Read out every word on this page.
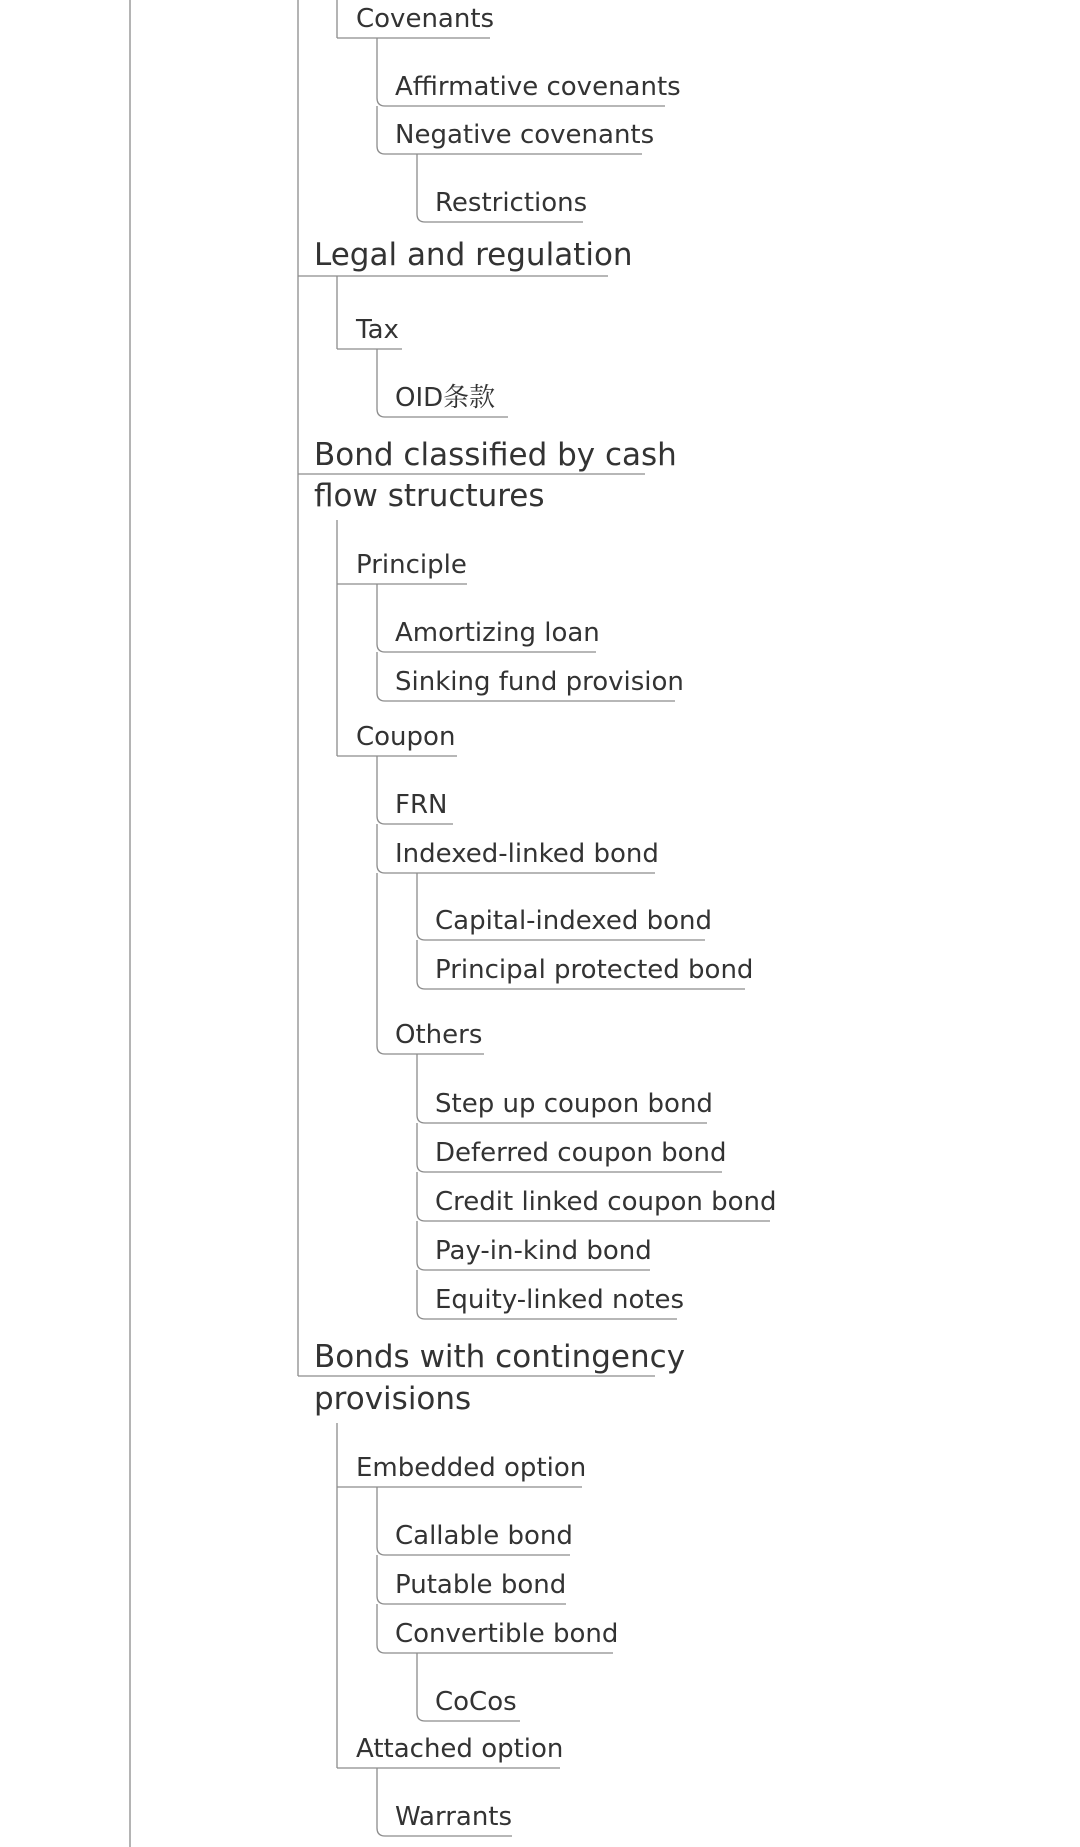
Covenants
Affirmative covenants
Negative covenants
Restrictions
Legal and regulation
Tax
OID条款
Bond classified by cash
flow structures
Principle
Amortizing loan
Sinking fund provision
Coupon
FRN
Indexed-linked bond
Capital-indexed bond
Principal protected bond
Others
Step up coupon bond
Deferred coupon bond
Credit linked coupon bond
Pay-in-kind bond
Equity-linked notes
Bonds with contingency
provisions
Embedded option
Callable bond
Putable bond
Convertible bond
CoCos
Attached option
Warrants
